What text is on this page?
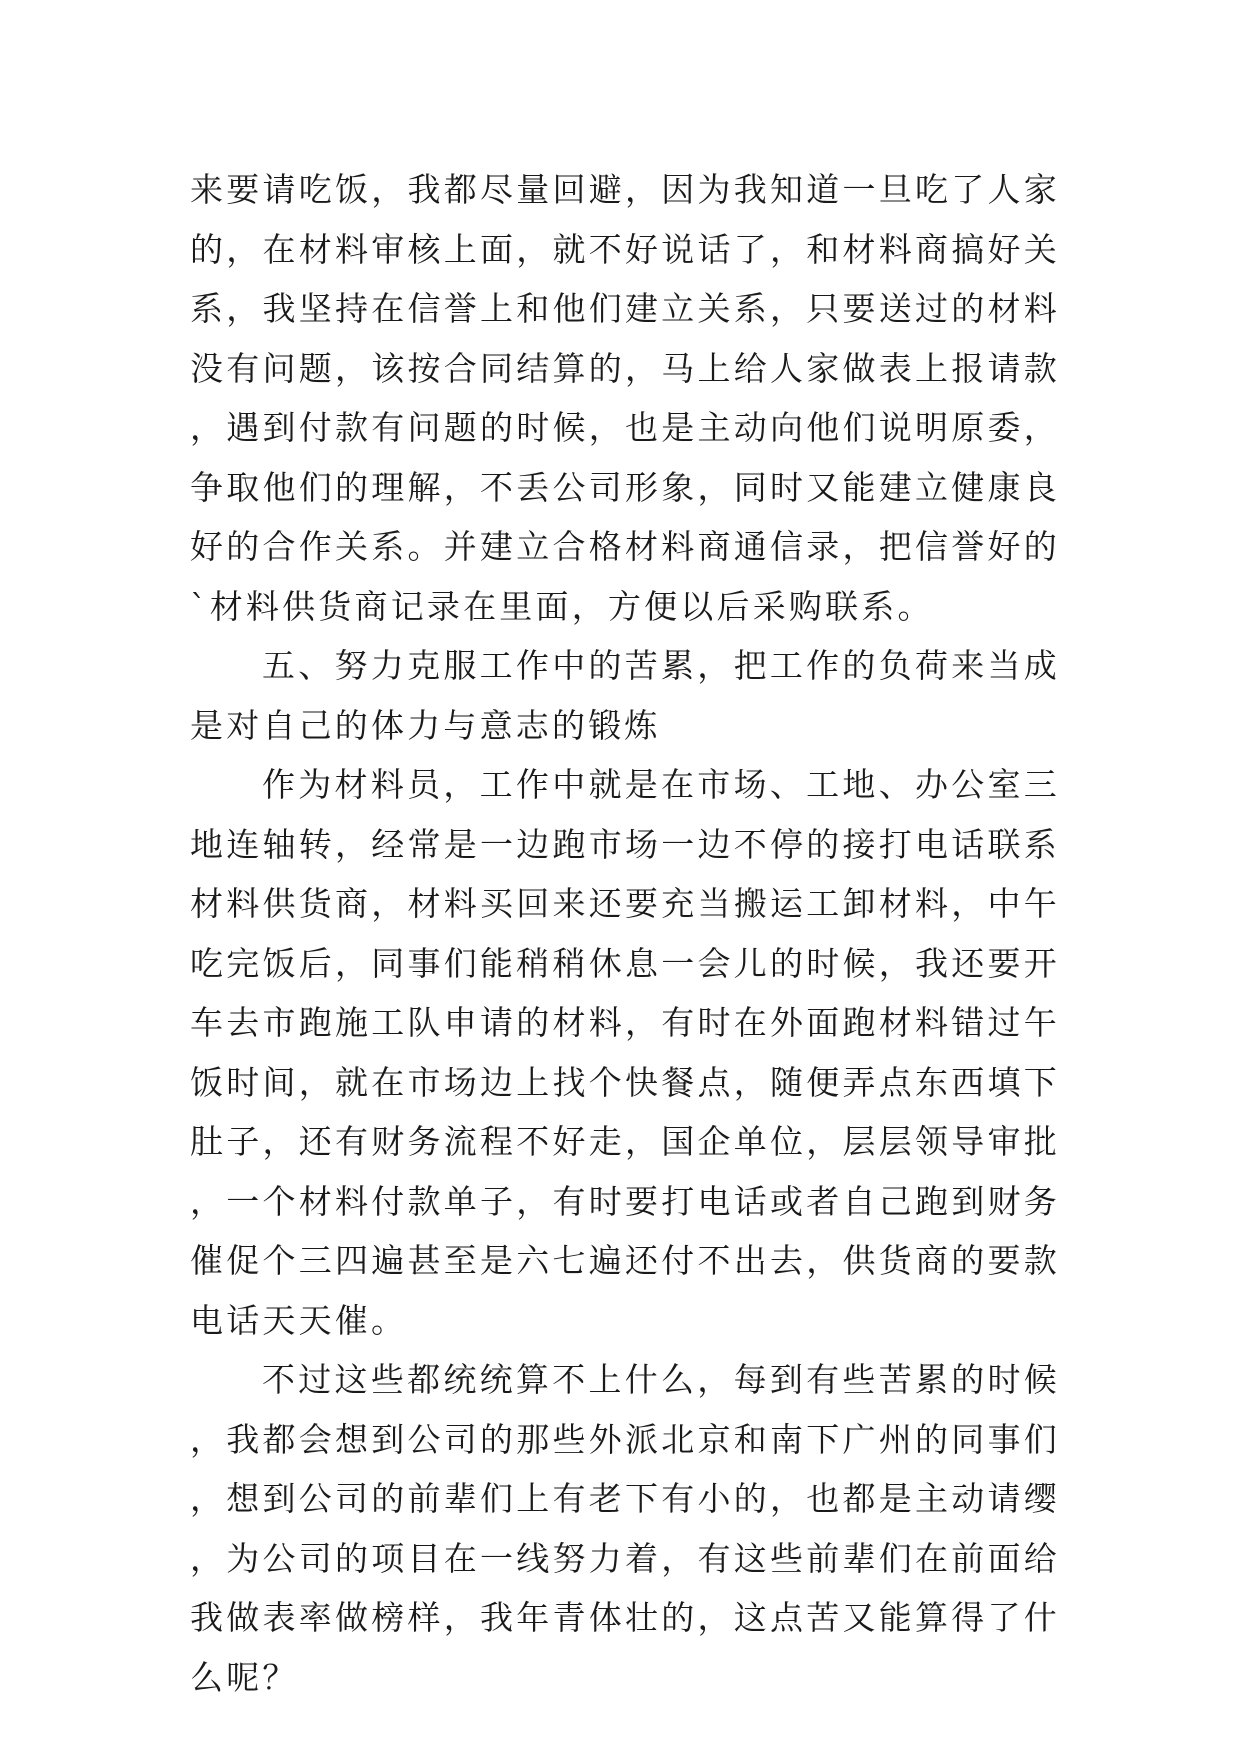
来要请吃饭，我都尽量回避，因为我知道一旦吃了人家的，在材料审核上面，就不好说话了，和材料商搞好关系，我坚持在信誉上和他们建立关系，只要送过的材料没有问题，该按合同结算的，马上给人家做表上报请款，遇到付款有问题的时候，也是主动向他们说明原委，争取他们的理解，不丢公司形象，同时又能建立健康良好的合作关系。并建立合格材料商通信录，把信誉好的`材料供货商记录在里面，方便以后采购联系。

五、努力克服工作中的苦累，把工作的负荷来当成是对自己的体力与意志的锻炼

作为材料员，工作中就是在市场、工地、办公室三地连轴转，经常是一边跑市场一边不停的接打电话联系材料供货商，材料买回来还要充当搬运工卸材料，中午吃完饭后，同事们能稍稍休息一会儿的时候，我还要开车去市跑施工队申请的材料，有时在外面跑材料错过午饭时间，就在市场边上找个快餐点，随便弄点东西填下肚子，还有财务流程不好走，国企单位，层层领导审批，一个材料付款单子，有时要打电话或者自己跑到财务催促个三四遍甚至是六七遍还付不出去，供货商的要款电话天天催。

不过这些都统统算不上什么，每到有些苦累的时候，我都会想到公司的那些外派北京和南下广州的同事们，想到公司的前辈们上有老下有小的，也都是主动请缨，为公司的项目在一线努力着，有这些前辈们在前面给我做表率做榜样，我年青体壮的，这点苦又能算得了什么呢？
